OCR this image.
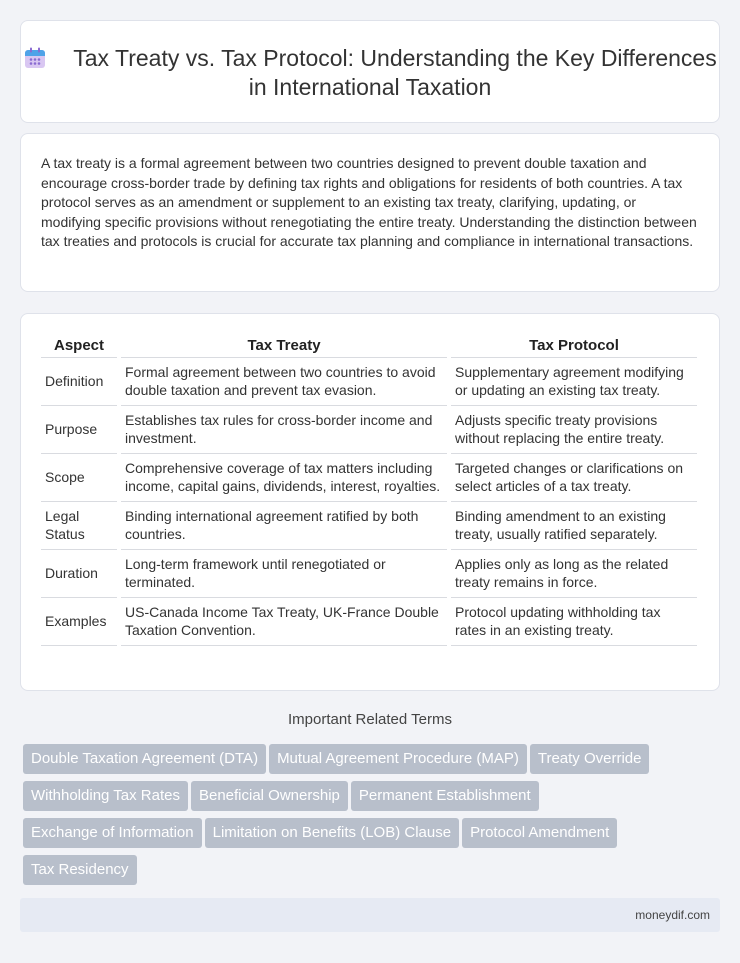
Tax Treaty vs. Tax Protocol: Understanding the Key Differences in International Taxation

A tax treaty is a formal agreement between two countries designed to prevent double taxation and encourage cross-border trade by defining tax rights and obligations for residents of both countries. A tax protocol serves as an amendment or supplement to an existing tax treaty, clarifying, updating, or modifying specific provisions without renegotiating the entire treaty. Understanding the distinction between tax treaties and protocols is crucial for accurate tax planning and compliance in international transactions.

Aspect	Tax Treaty	Tax Protocol
Definition	Formal agreement between two countries to avoid double taxation and prevent tax evasion.	Supplementary agreement modifying or updating an existing tax treaty.
Purpose	Establishes tax rules for cross-border income and investment.	Adjusts specific treaty provisions without replacing the entire treaty.
Scope	Comprehensive coverage of tax matters including income, capital gains, dividends, interest, royalties.	Targeted changes or clarifications on select articles of a tax treaty.
Legal Status	Binding international agreement ratified by both countries.	Binding amendment to an existing treaty, usually ratified separately.
Duration	Long-term framework until renegotiated or terminated.	Applies only as long as the related treaty remains in force.
Examples	US-Canada Income Tax Treaty, UK-France Double Taxation Convention.	Protocol updating withholding tax rates in an existing treaty.
Important Related Terms
Double Taxation Agreement (DTA) Mutual Agreement Procedure (MAP) Treaty OverrideWithholding Tax Rates Beneficial Ownership Permanent EstablishmentExchange of Information Limitation on Benefits (LOB) Clause Protocol AmendmentTax Residency
moneydif.com
